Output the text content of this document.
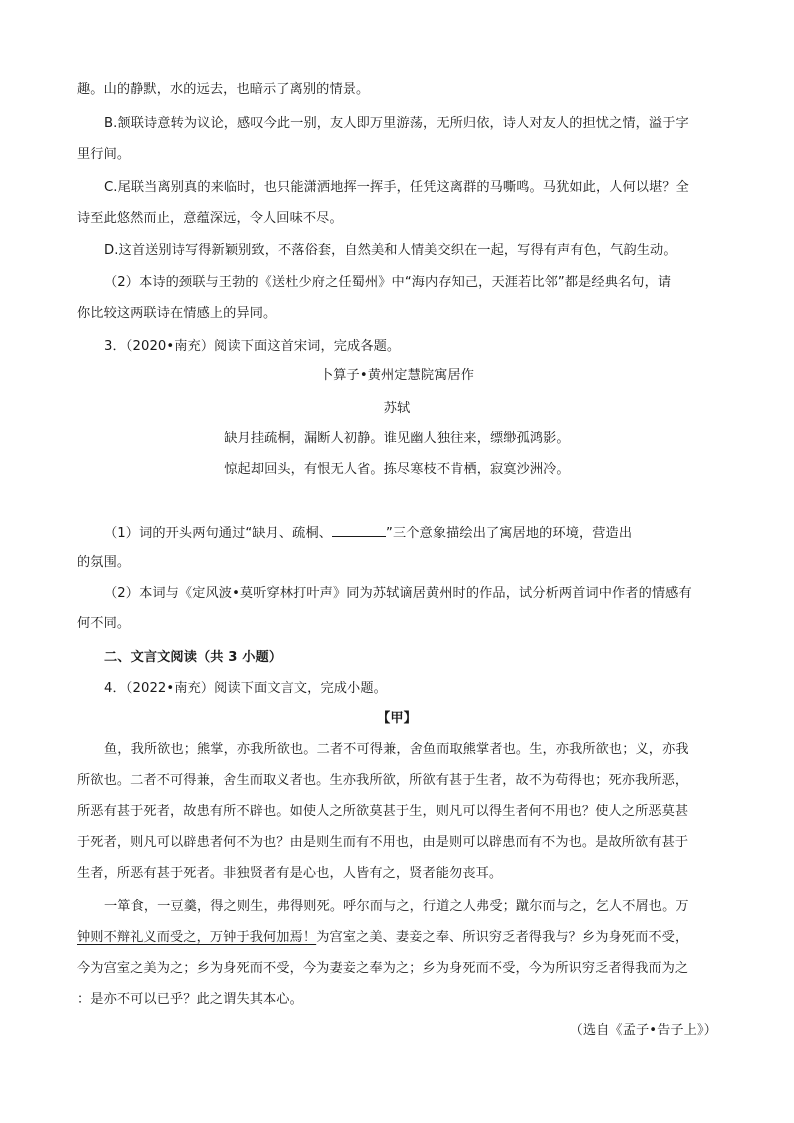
趣。山的静默，水的远去，也暗示了离别的情景。
B.颔联诗意转为议论，感叹今此一别，友人即万里游荡，无所归依，诗人对友人的担忧之情，溢于字
里行间。
C.尾联当离别真的来临时，也只能潇洒地挥一挥手，任凭这离群的马嘶鸣。马犹如此，人何以堪？全
诗至此悠然而止，意蕴深远，令人回味不尽。
D.这首送别诗写得新颖别致，不落俗套，自然美和人情美交织在一起，写得有声有色，气韵生动。
（2）本诗的颈联与王勃的《送杜少府之任蜀州》中“海内存知己，天涯若比邻”都是经典名句，请
你比较这两联诗在情感上的异同。
3．（2020•南充）阅读下面这首宋词，完成各题。
卜算子•黄州定慧院寓居作
苏轼
缺月挂疏桐，漏断人初静。谁见幽人独往来，缥缈孤鸿影。
惊起却回头，有恨无人省。拣尽寒枝不肯栖，寂寞沙洲冷。
（1）词的开头两句通过“缺月、疏桐、	”三个意象描绘出了寓居地的环境，营造出
的氛围。
（2）本词与《定风波•莫听穿林打叶声》同为苏轼谪居黄州时的作品，试分析两首词中作者的情感有
何不同。
二、文言文阅读（共 3 小题）
4．（2022•南充）阅读下面文言文，完成小题。
【甲】
鱼，我所欲也；熊掌，亦我所欲也。二者不可得兼，舍鱼而取熊掌者也。生，亦我所欲也；义，亦我
所欲也。二者不可得兼，舍生而取义者也。生亦我所欲，所欲有甚于生者，故不为苟得也；死亦我所恶，
所恶有甚于死者，故患有所不辟也。如使人之所欲莫甚于生，则凡可以得生者何不用也？使人之所恶莫甚
于死者，则凡可以辟患者何不为也？由是则生而有不用也，由是则可以辟患而有不为也。是故所欲有甚于
生者，所恶有甚于死者。非独贤者有是心也，人皆有之，贤者能勿丧耳。
一箪食，一豆羹，得之则生，弗得则死。呼尔而与之，行道之人弗受；蹴尔而与之，乞人不屑也。万
钟则不辩礼义而受之，万钟于我何加焉！为宫室之美、妻妾之奉、所识穷乏者得我与？乡为身死而不受，
今为宫室之美为之；乡为身死而不受，今为妻妾之奉为之；乡为身死而不受，今为所识穷乏者得我而为之
：是亦不可以已乎？此之谓失其本心。
（选自《孟子•告子上》）
